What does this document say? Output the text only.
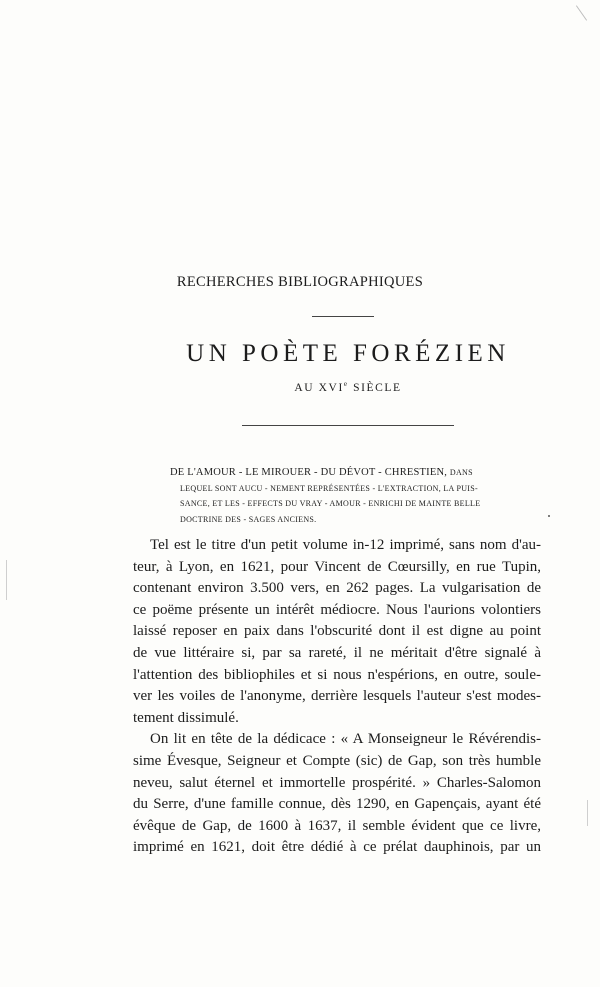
RECHERCHES BIBLIOGRAPHIQUES
UN POÈTE FORÉZIEN
AU XVIe SIÈCLE
DE L'AMOUR - LE MIROUER - DU DÉVOT - CHRESTIEN, DANS
LEQUEL SONT AUCU - NEMENT REPRÉSENTÉES - L'EXTRACTION, LA PUIS-
SANCE, ET LES - EFFECTS DU VRAY - AMOUR - ENRICHI DE MAINTE BELLE
DOCTRINE DES - SAGES ANCIENS.
Tel est le titre d'un petit volume in-12 imprimé, sans nom d'au-
teur, à Lyon, en 1621, pour Vincent de Cœursilly, en rue Tupin,
contenant environ 3.500 vers, en 262 pages. La vulgarisation de
ce poëme présente un intérêt médiocre. Nous l'aurions volontiers
laissé reposer en paix dans l'obscurité dont il est digne au point
de vue littéraire si, par sa rareté, il ne méritait d'être signalé à
l'attention des bibliophiles et si nous n'espérions, en outre, soule-
ver les voiles de l'anonyme, derrière lesquels l'auteur s'est modes-
tement dissimulé.
On lit en tête de la dédicace : « A Monseigneur le Révérendis-
sime Évesque, Seigneur et Compte (sic) de Gap, son très humble
neveu, salut éternel et immortelle prospérité. » Charles-Salomon
du Serre, d'une famille connue, dès 1290, en Gapençais, ayant été
évêque de Gap, de 1600 à 1637, il semble évident que ce livre,
imprimé en 1621, doit être dédié à ce prélat dauphinois, par un
